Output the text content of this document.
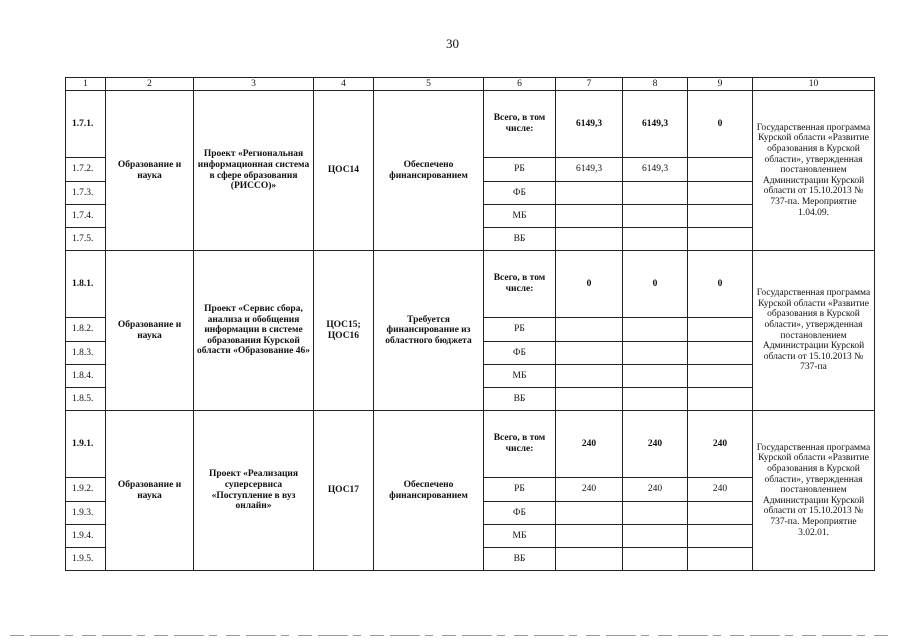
30
1	2	3	4	5	6	7	8	9	10
1.7.1.	Образование и наука	Проект «Региональная информационная система в сфере образования (РИССО)»	ЦОС14	Обеспечено финансированием	Всего, в том числе:	6149,3	6149,3	0	Государственная программа Курской области «Развитие образования в Курской области», утвержденная постановлением Администрации Курской области от 15.10.2013 № 737-па. Мероприятие 1.04.09.
1.7.2.					РБ	6149,3	6149,3		
1.7.3.					ФБ				
1.7.4.					МБ				
1.7.5.					ВБ				
1.8.1.	Образование и наука	Проект «Сервис сбора, анализа и обобщения информации в системе образования Курской области «Образование 46»	ЦОС15; ЦОС16	Требуется финансирование из областного бюджета	Всего, в том числе:	0	0	0	Государственная программа Курской области «Развитие образования в Курской области», утвержденная постановлением Администрации Курской области от 15.10.2013 № 737-па
1.8.2.					РБ				
1.8.3.					ФБ				
1.8.4.					МБ				
1.8.5.					ВБ				
1.9.1.	Образование и наука	Проект «Реализация суперсервиса «Поступление в вуз онлайн»	ЦОС17	Обеспечено финансированием	Всего, в том числе:	240	240	240	Государственная программа Курской области «Развитие образования в Курской области», утвержденная постановлением Администрации Курской области от 15.10.2013 № 737-па. Мероприятие 3.02.01.
1.9.2.					РБ	240	240	240	
1.9.3.					ФБ				
1.9.4.					МБ				
1.9.5.					ВБ				
